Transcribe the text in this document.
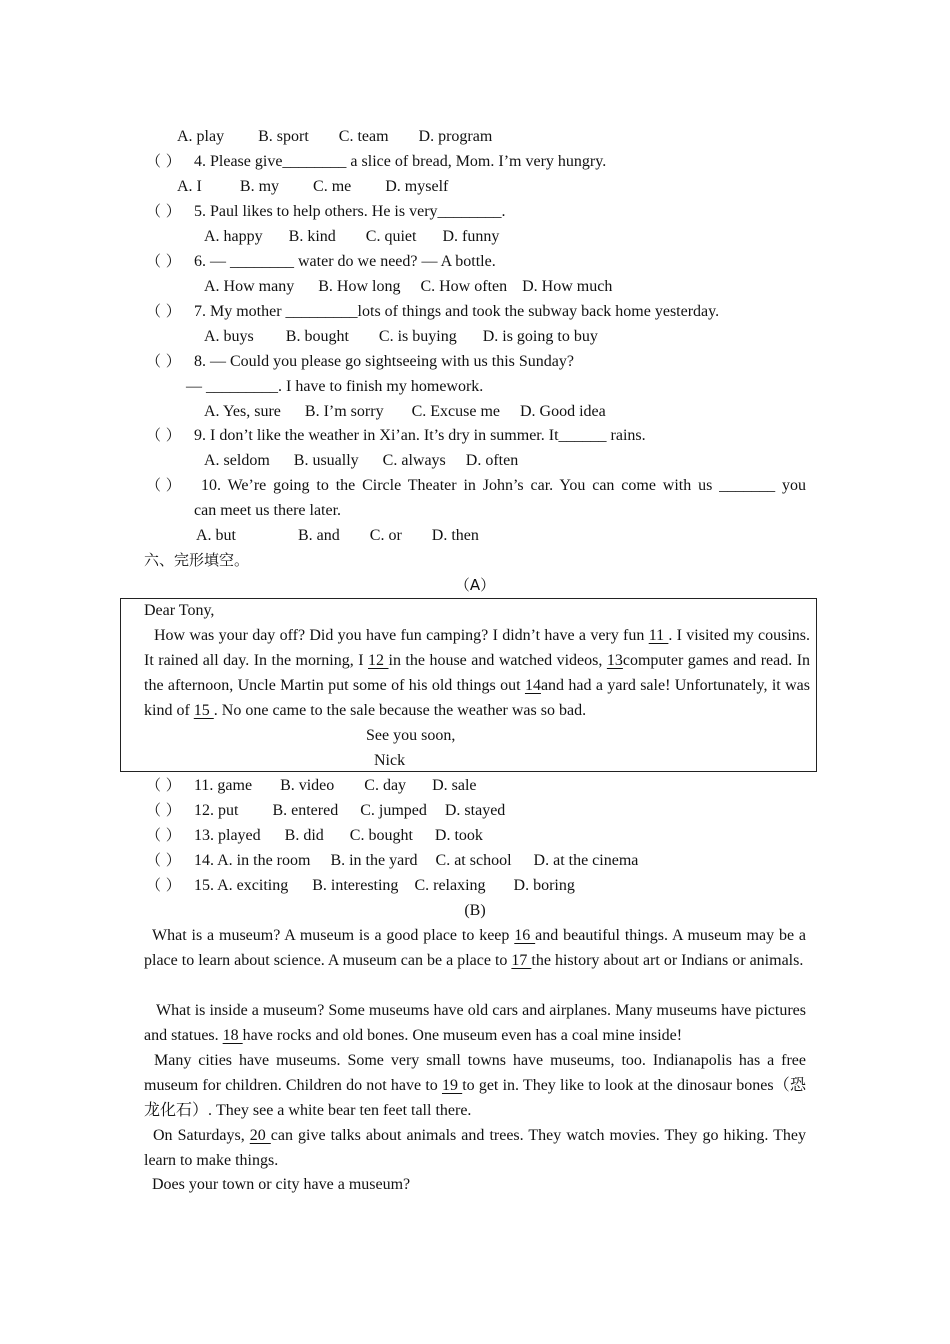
A. play B. sport C. team D. program
（ ） 4. Please give________ a slice of bread, Mom. I’m very hungry.
A. I B. my C. me D. myself
（ ） 5. Paul likes to help others. He is very________.
A. happy B. kind C. quiet D. funny
（ ） 6. — ________ water do we need? — A bottle.
A. How many B. How long C. How often D. How much
（ ） 7. My mother _________lots of things and took the subway back home yesterday.
A. buys B. bought C. is buying D. is going to buy
（ ） 8. — Could you please go sightseeing with us this Sunday?
— _________. I have to finish my homework.
A. Yes, sure B. I’m sorry C. Excuse me D. Good idea
（ ） 9. I don’t like the weather in Xi’an. It’s dry in summer. It______ rains.
A. seldom B. usually C. always D. often
（ ） 10. We’re going to the Circle Theater in John’s car. You can come with us _______ you
can meet us there later.
A. but	B. and C. or D. then
六、完形填空。
（A）
Dear Tony,
How was your day off? Did you have fun camping? I didn’t have a very fun 11 . I visited my cousins. It rained all day. In the morning, I 12 in the house and watched videos, 13computer games and read. In the afternoon, Uncle Martin put some of his old things out 14and had a yard sale! Unfortunately, it was kind of 15 . No one came to the sale because the weather was so bad.
See you soon,
Nick
（ ） 11. game B. video C. day D. sale
（ ） 12. put B. entered C. jumped D. stayed
（ ） 13. played B. did C. bought D. took
（ ） 14. A. in the room B. in the yard C. at school D. at the cinema
（ ） 15. A. exciting B. interesting C. relaxing D. boring
(B)
What is a museum? A museum is a good place to keep 16 and beautiful things. A museum may be a place to learn about science. A museum can be a place to 17 the history about art or Indians or animals.
What is inside a museum? Some museums have old cars and airplanes. Many museums have pictures and statues. 18 have rocks and old bones. One museum even has a coal mine inside!
Many cities have museums. Some very small towns have museums, too. Indianapolis has a free museum for children. Children do not have to 19 to get in. They like to look at the dinosaur bones（恐龙化石）. They see a white bear ten feet tall there.
On Saturdays, 20 can give talks about animals and trees. They watch movies. They go hiking. They learn to make things.
Does your town or city have a museum?
